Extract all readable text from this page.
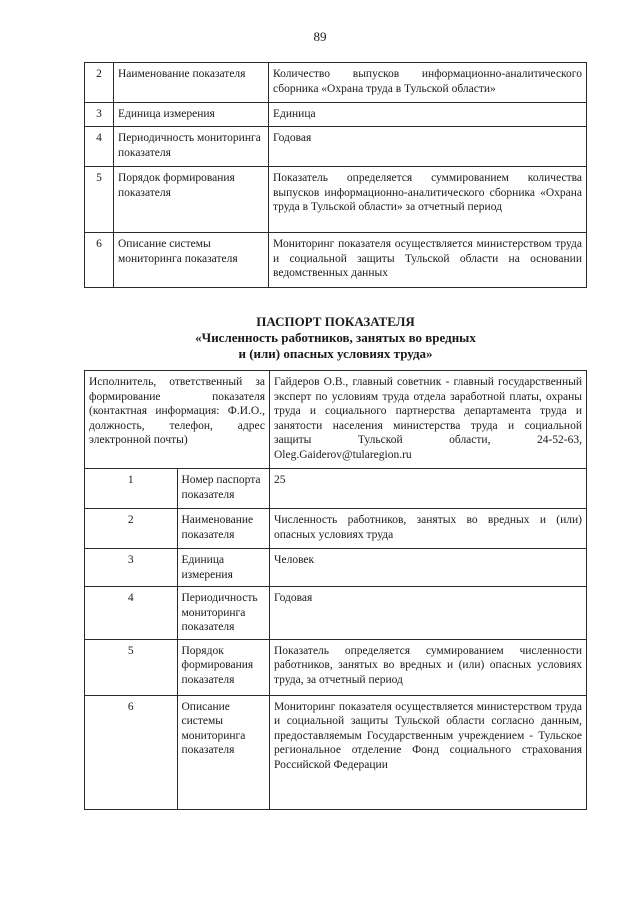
89
2	Наименование показателя	Количество выпусков информационно-аналитического сборника «Охрана труда в Тульской области»
3	Единица измерения	Единица
4	Периодичность мониторинга показателя	Годовая
5	Порядок формирования показателя	Показатель определяется суммированием количества выпусков информационно-аналитического сборника «Охрана труда в Тульской области» за отчетный период
6	Описание системы мониторинга показателя	Мониторинг показателя осуществляется министерством труда и социальной защиты Тульской области на основании ведомственных данных
ПАСПОРТ ПОКАЗАТЕЛЯ
«Численность работников, занятых во вредных
и (или) опасных условиях труда»
Исполнитель, ответственный за формирование показателя (контактная информация: Ф.И.О., должность, телефон, адрес электронной почты)		Гайдеров О.В., главный советник - главный государственный эксперт по условиям труда отдела заработной платы, охраны труда и социального партнерства департамента труда и занятости населения министерства труда и социальной защиты Тульской области, 24-52-63, Oleg.Gaiderov@tularegion.ru
1	Номер паспорта показателя	25
2	Наименование показателя	Численность работников, занятых во вредных и (или) опасных условиях труда
3	Единица измерения	Человек
4	Периодичность мониторинга показателя	Годовая
5	Порядок формирования показателя	Показатель определяется суммированием численности работников, занятых во вредных и (или) опасных условиях труда, за отчетный период
6	Описание системы мониторинга показателя	Мониторинг показателя осуществляется министерством труда и социальной защиты Тульской области согласно данным, предоставляемым Государственным учреждением - Тульское региональное отделение Фонд социального страхования Российской Федерации
